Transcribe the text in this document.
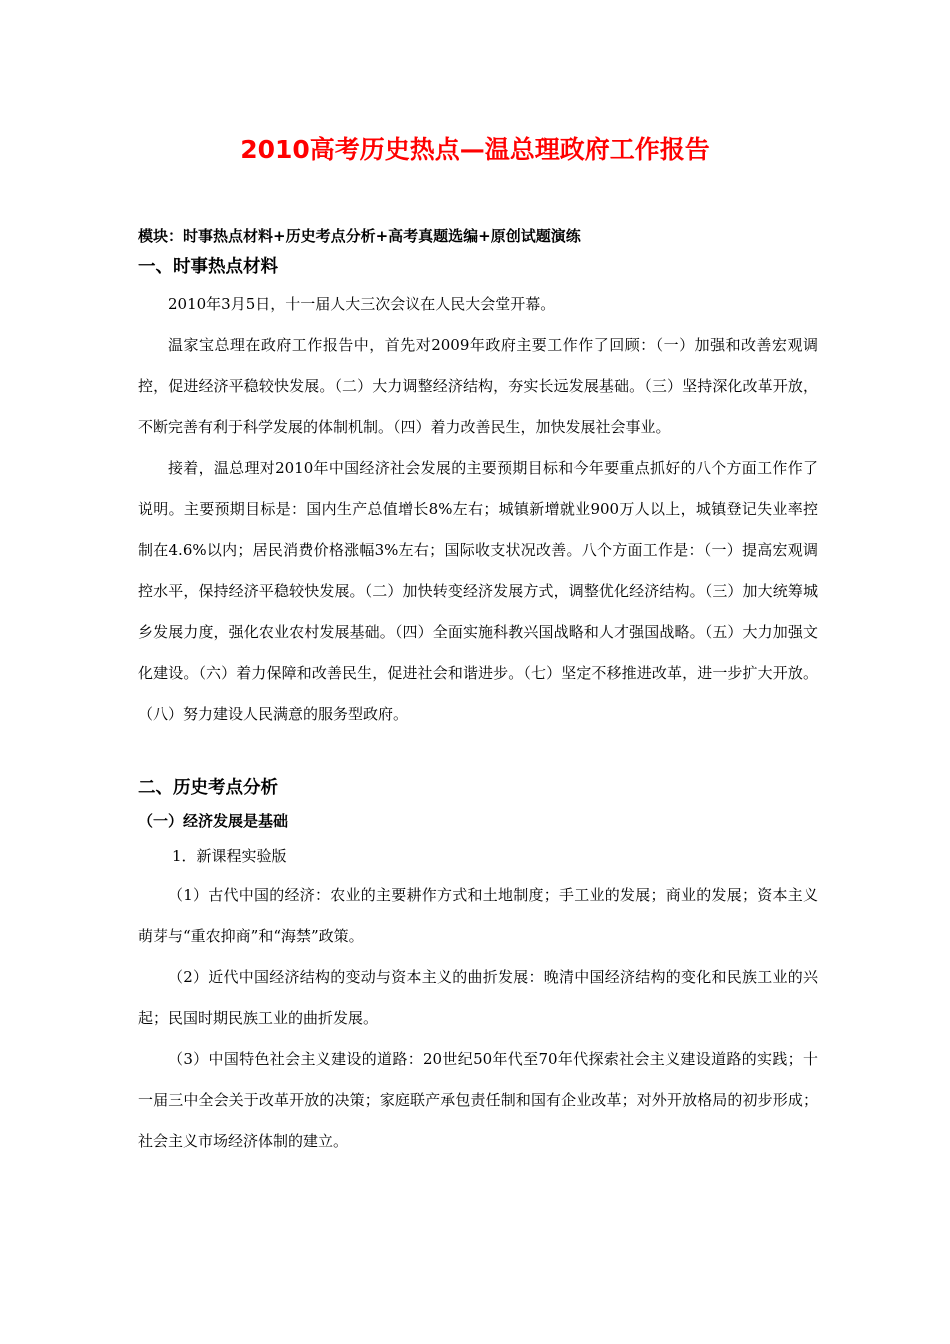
2010高考历史热点—温总理政府工作报告
模块：时事热点材料+历史考点分析+高考真题选编+原创试题演练
一、时事热点材料

2010年3月5日，十一届人大三次会议在人民大会堂开幕。

温家宝总理在政府工作报告中，首先对2009年政府主要工作作了回顾：（一）加强和改善宏观调控，促进经济平稳较快发展。（二）大力调整经济结构，夯实长远发展基础。（三）坚持深化改革开放，不断完善有利于科学发展的体制机制。（四）着力改善民生，加快发展社会事业。

接着，温总理对2010年中国经济社会发展的主要预期目标和今年要重点抓好的八个方面工作作了说明。主要预期目标是：国内生产总值增长8%左右；城镇新增就业900万人以上，城镇登记失业率控制在4.6%以内；居民消费价格涨幅3%左右；国际收支状况改善。八个方面工作是：（一）提高宏观调控水平，保持经济平稳较快发展。（二）加快转变经济发展方式，调整优化经济结构。（三）加大统筹城乡发展力度，强化农业农村发展基础。（四）全面实施科教兴国战略和人才强国战略。（五）大力加强文化建设。（六）着力保障和改善民生，促进社会和谐进步。（七）坚定不移推进改革，进一步扩大开放。（八）努力建设人民满意的服务型政府。

二、历史考点分析
（一）经济发展是基础
1．新课程实验版

（1）古代中国的经济：农业的主要耕作方式和土地制度；手工业的发展；商业的发展；资本主义萌芽与“重农抑商”和“海禁”政策。

（2）近代中国经济结构的变动与资本主义的曲折发展：晚清中国经济结构的变化和民族工业的兴起；民国时期民族工业的曲折发展。

（3）中国特色社会主义建设的道路：20世纪50年代至70年代探索社会主义建设道路的实践；十一届三中全会关于改革开放的决策；家庭联产承包责任制和国有企业改革；对外开放格局的初步形成；社会主义市场经济体制的建立。
